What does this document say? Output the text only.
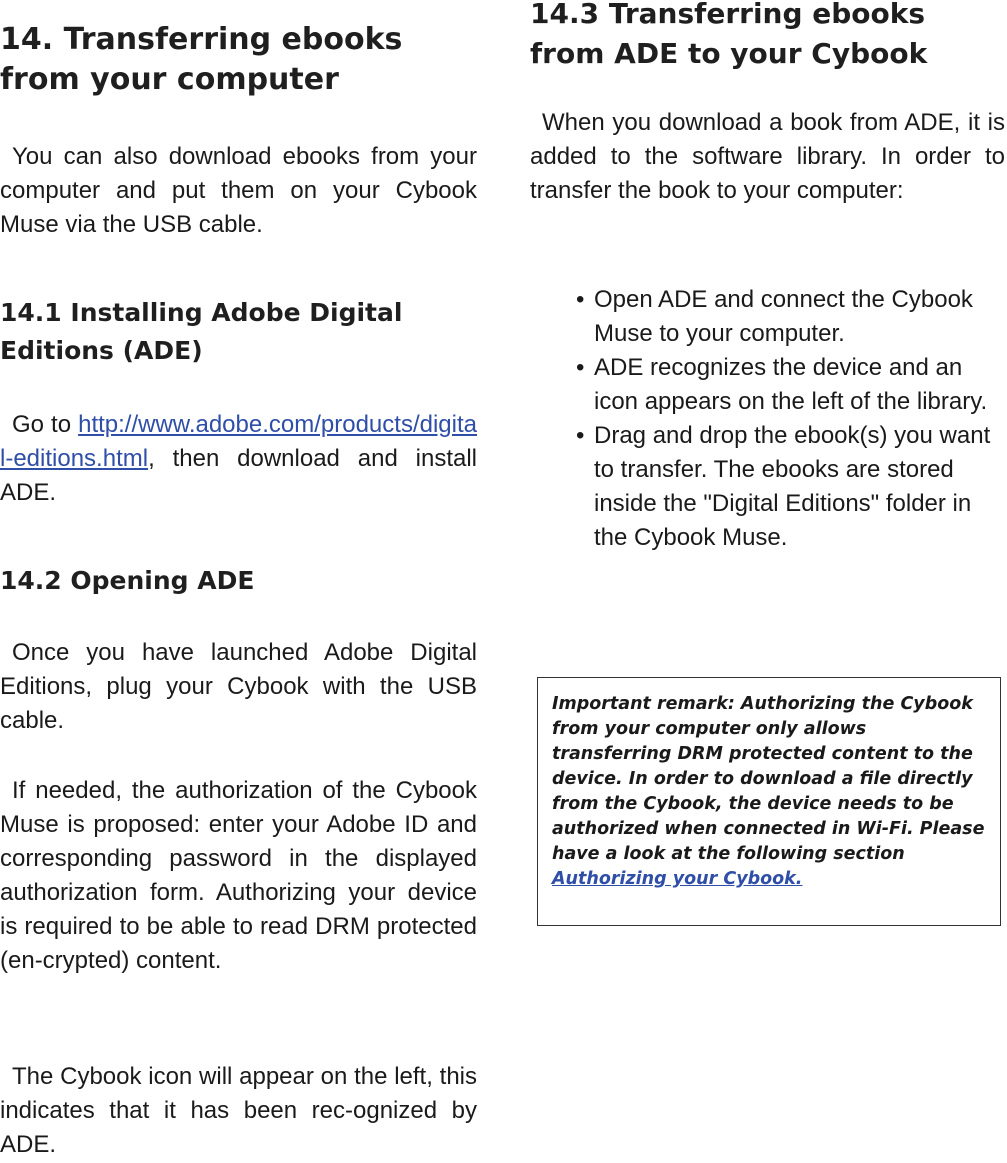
14. Transferring ebooks from your computer

You can also download ebooks from your computer and put them on your Cybook Muse via the USB cable.

14.1 Installing Adobe Digital Editions (ADE)

Go to http://www.adobe.com/products/digital-editions.html, then download and install ADE.

14.2 Opening ADE

Once you have launched Adobe Digital Editions, plug your Cybook with the USB cable.

If needed, the authorization of the Cybook Muse is proposed: enter your Adobe ID and corresponding password in the displayed authorization form. Authorizing your device is required to be able to read DRM protected (en-crypted) content.

The Cybook icon will appear on the left, this indicates that it has been rec-ognized by ADE.

14.3 Transferring ebooks from ADE to your Cybook

When you download a book from ADE, it is added to the software library. In order to transfer the book to your computer:

• Open ADE and connect the Cybook Muse to your computer.
• ADE recognizes the device and an icon appears on the left of the library.
• Drag and drop the ebook(s) you want to transfer. The ebooks are stored inside the "Digital Editions" folder in the Cybook Muse.
Important remark: Authorizing the Cybook from your computer only allows transferring DRM protected content to the device. In order to download a file directly from the Cybook, the device needs to be authorized when connected in Wi-Fi. Please have a look at the following section Authorizing your Cybook.
